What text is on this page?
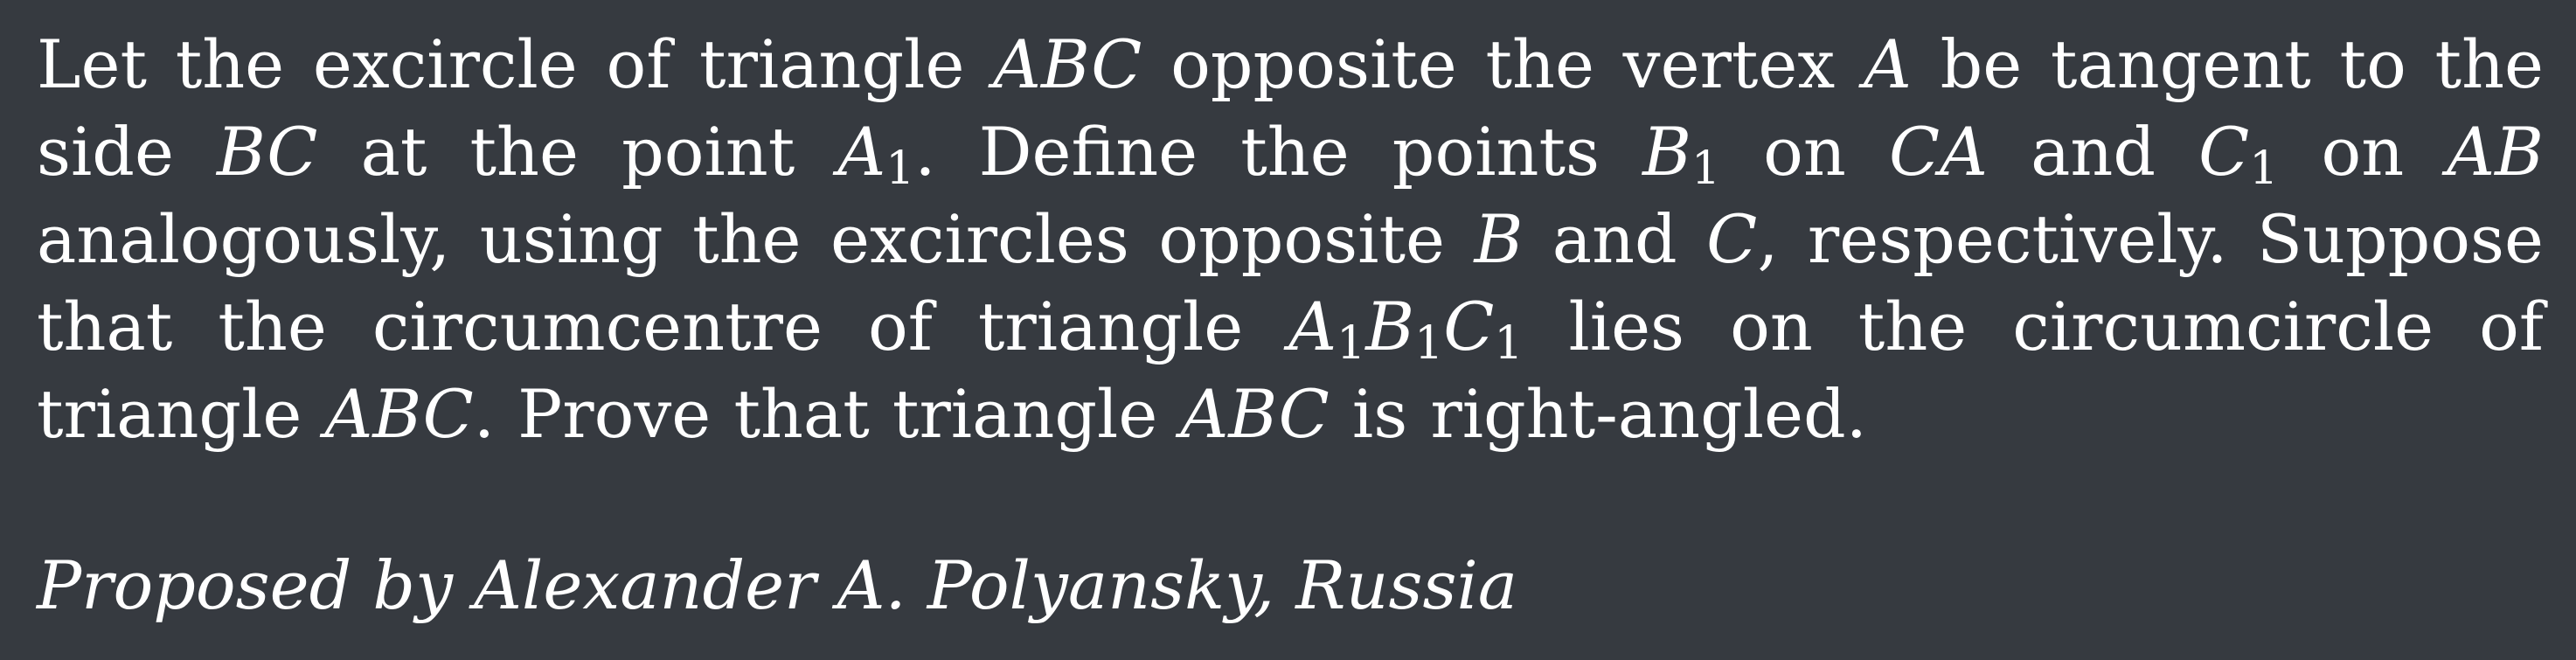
Let the excircle of triangle ABC opposite the vertex A be tangent to the side BC at the point $A_1$. Define the points $B_1$ on CA and $C_1$ on AB analogously, using the excircles opposite B and C, respectively. Suppose that the circumcentre of triangle $A_1B_1C_1$ lies on the circumcircle of triangle ABC. Prove that triangle ABC is right-angled.
Proposed by Alexander A. Polyansky, Russia
